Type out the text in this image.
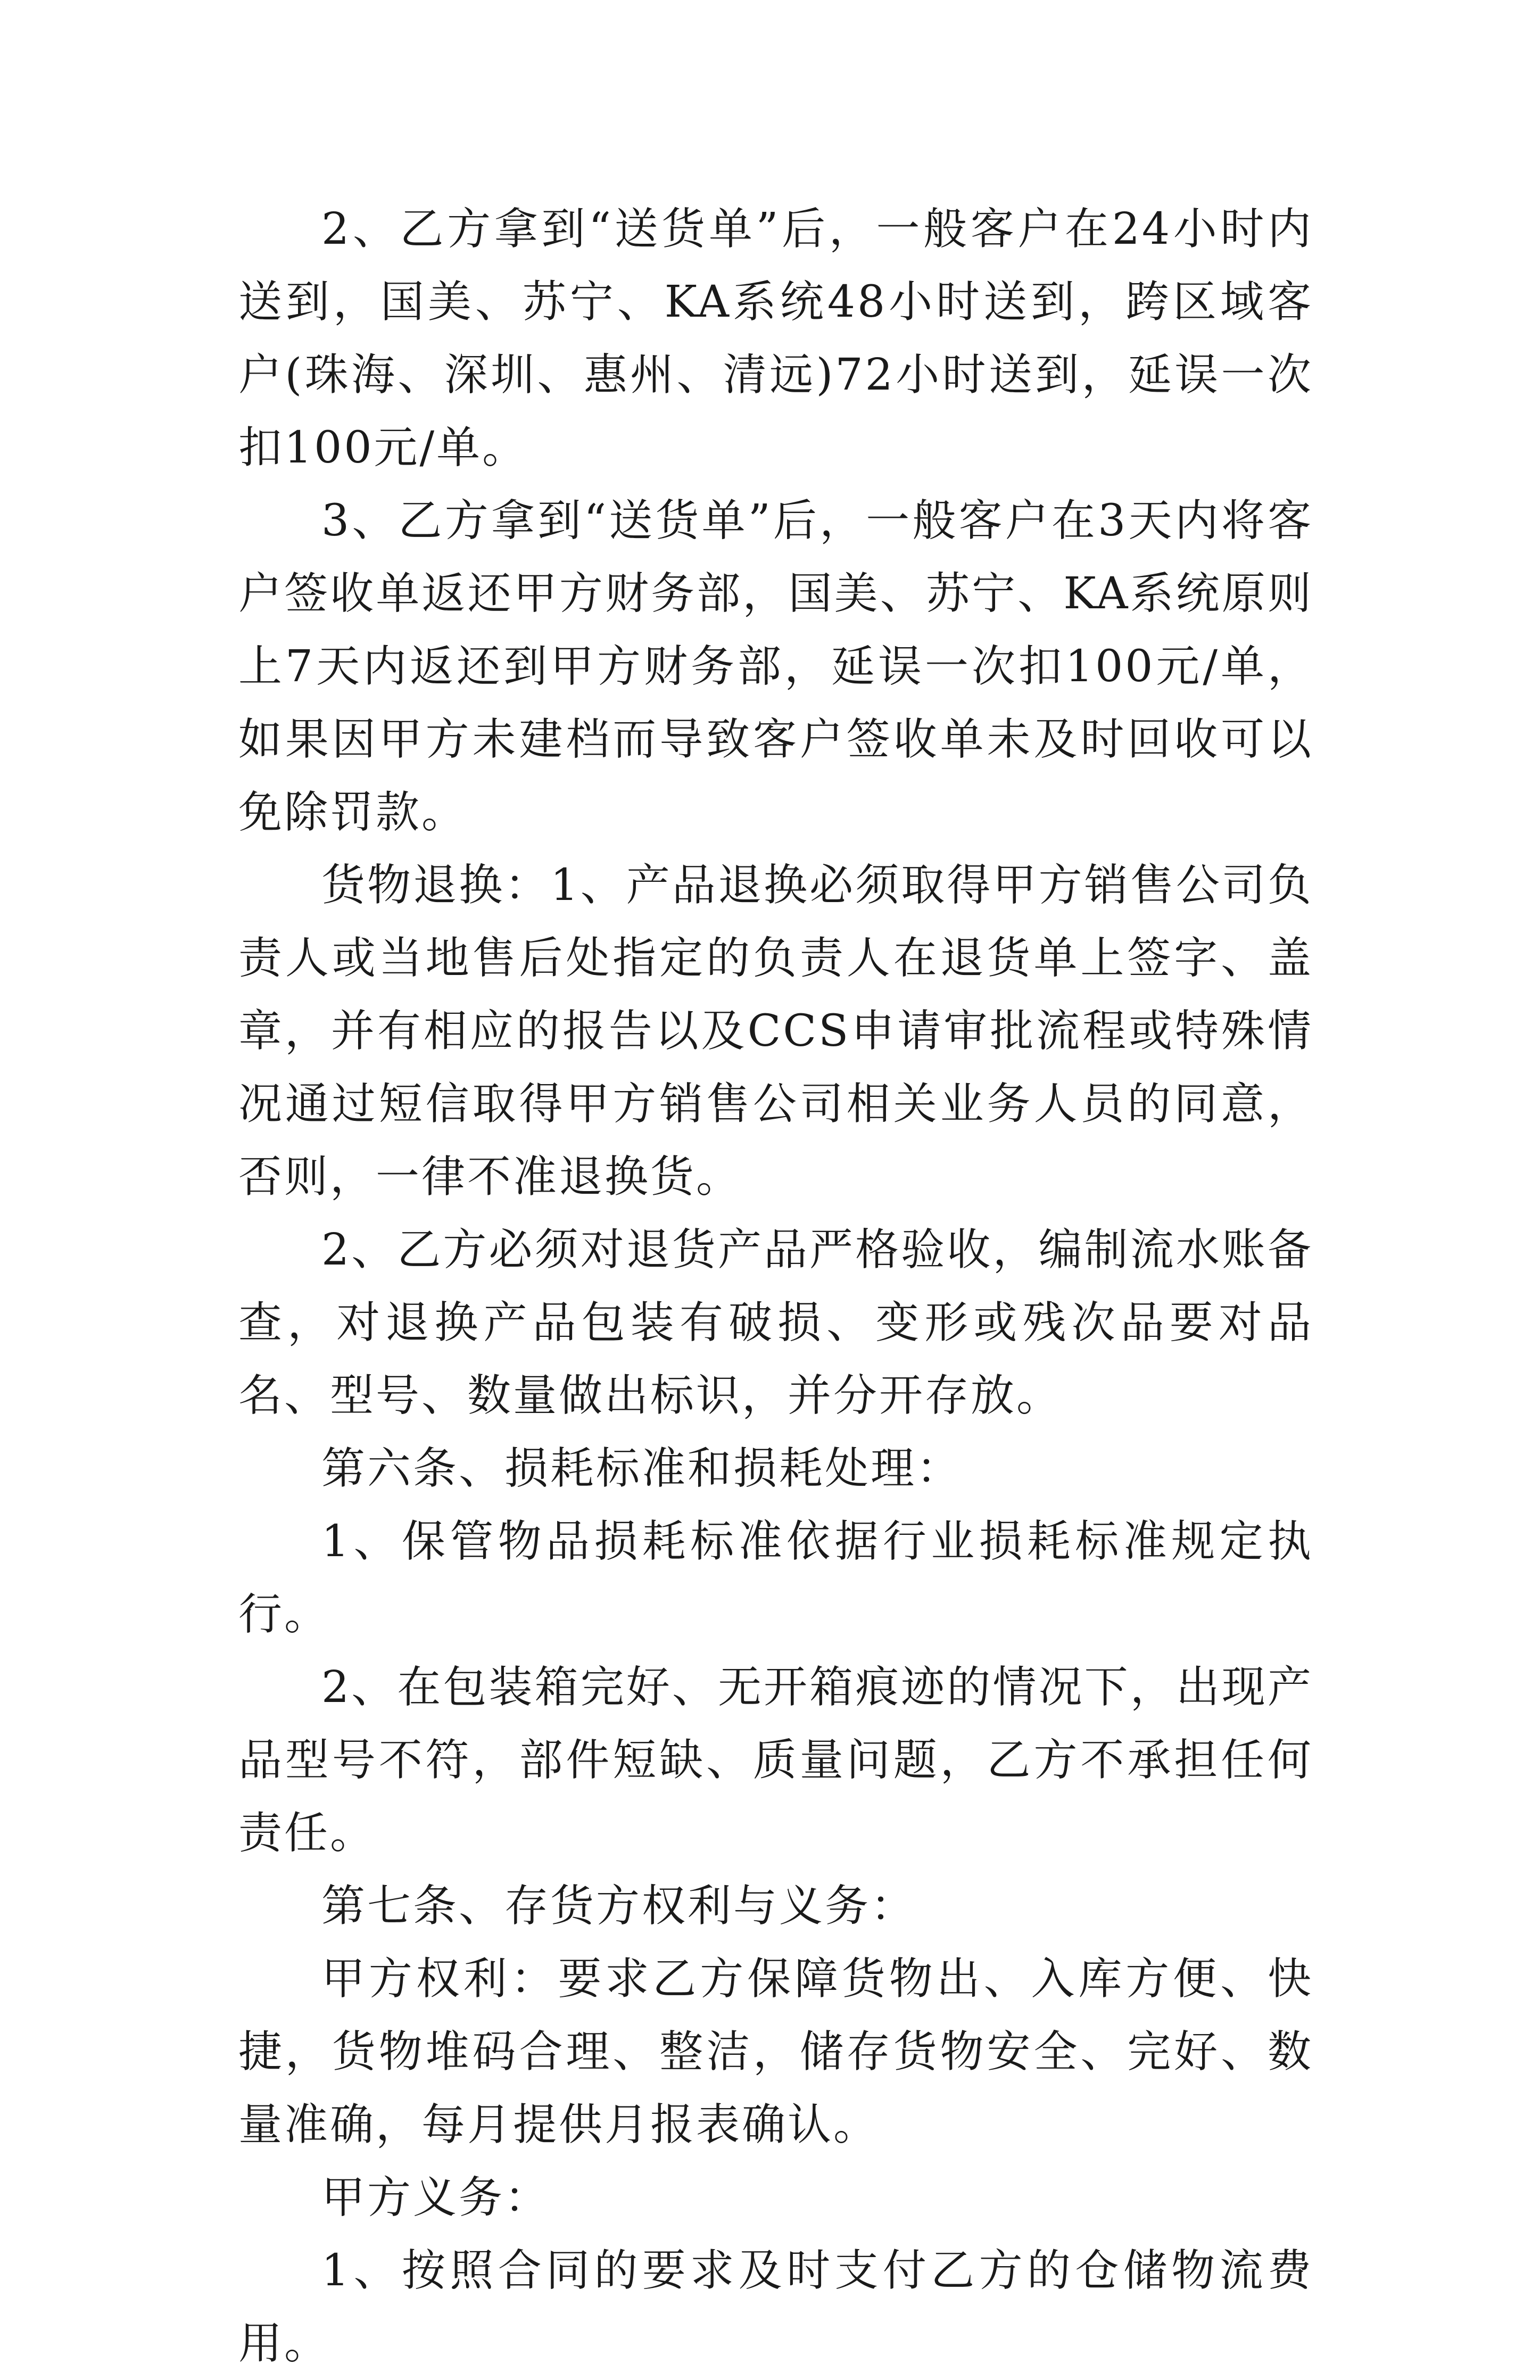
2、乙方拿到“送货单”后，一般客户在24小时内送到，国美、苏宁、KA系统48小时送到，跨区域客户(珠海、深圳、惠州、清远)72小时送到，延误一次扣100元/单。

3、乙方拿到“送货单”后，一般客户在3天内将客户签收单返还甲方财务部，国美、苏宁、KA系统原则上7天内返还到甲方财务部，延误一次扣100元/单，如果因甲方未建档而导致客户签收单未及时回收可以免除罚款。

货物退换：1、产品退换必须取得甲方销售公司负责人或当地售后处指定的负责人在退货单上签字、盖章，并有相应的报告以及CCS申请审批流程或特殊情况通过短信取得甲方销售公司相关业务人员的同意，否则，一律不准退换货。

2、乙方必须对退货产品严格验收，编制流水账备查，对退换产品包装有破损、变形或残次品要对品名、型号、数量做出标识，并分开存放。

第六条、损耗标准和损耗处理：

1、保管物品损耗标准依据行业损耗标准规定执行。

2、在包装箱完好、无开箱痕迹的情况下，出现产品型号不符，部件短缺、质量问题，乙方不承担任何责任。

第七条、存货方权利与义务：

甲方权利：要求乙方保障货物出、入库方便、快捷，货物堆码合理、整洁，储存货物安全、完好、数量准确，每月提供月报表确认。

甲方义务：

1、按照合同的要求及时支付乙方的仓储物流费用。
